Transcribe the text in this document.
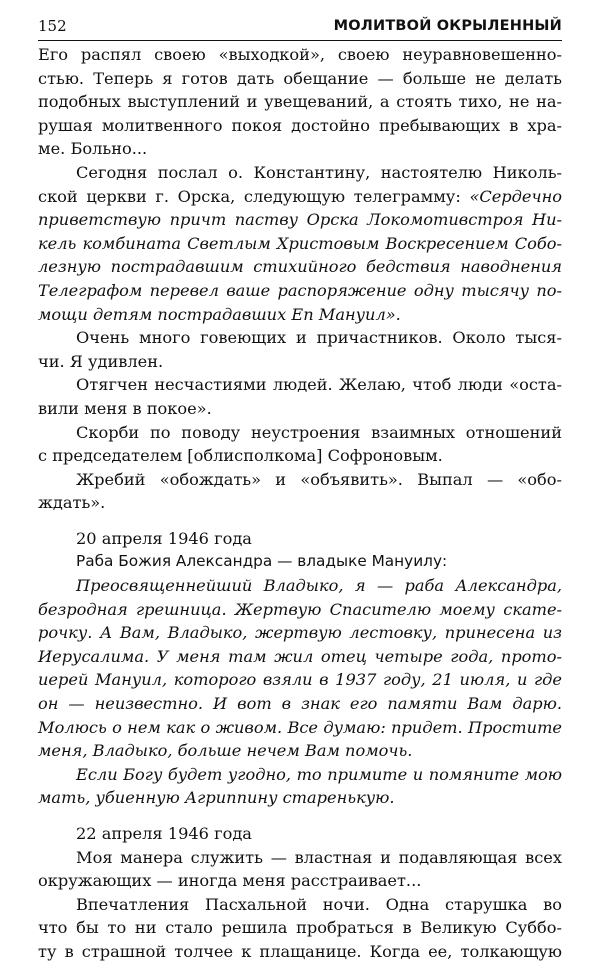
152	МОЛИТВОЙ ОКРЫЛЕННЫЙ

Его распял своею «выходкой», своею неуравновешенно-
стью. Теперь я готов дать обещание — больше не делать
подобных выступлений и увещеваний, а стоять тихо, не на-
рушая молитвенного покоя достойно пребывающих в хра-
ме. Больно...

Сегодня послал о. Константину, настоятелю Николь-
ской церкви г. Орска, следующую телеграмму: «Сердечно
приветствую причт паству Орска Локомотивстроя Ни-
кель комбината Светлым Христовым Воскресением Собо-
лезную пострадавшим стихийного бедствия наводнения
Телеграфом перевел ваше распоряжение одну тысячу по-
мощи детям пострадавших Еп Мануил».

Очень много говеющих и причастников. Около тыся-
чи. Я удивлен.

Отягчен несчастиями людей. Желаю, чтоб люди «оста-
вили меня в покое».

Скорби по поводу неустроения взаимных отношений
с председателем [облисполкома] Софроновым.

Жребий «обождать» и «объявить». Выпал — «обо-
ждать».

20 апреля 1946 года

Раба Божия Александра — владыке Мануилу:

Преосвященнейший Владыко, я — раба Александра,
безродная грешница. Жертвую Спасителю моему скате-
рочку. А Вам, Владыко, жертвую лестовку, принесена из
Иерусалима. У меня там жил отец четыре года, прото-
иерей Мануил, которого взяли в 1937 году, 21 июля, и где
он — неизвестно. И вот в знак его памяти Вам дарю.
Молюсь о нем как о живом. Все думаю: придет. Простите
меня, Владыко, больше нечем Вам помочь.

Если Богу будет угодно, то примите и помяните мою
мать, убиенную Агриппину старенькую.

22 апреля 1946 года

Моя манера служить — властная и подавляющая всех
окружающих — иногда меня расстраивает...

Впечатления Пасхальной ночи. Одна старушка во
что бы то ни стало решила пробраться в Великую Суббо-
ту в страшной толчее к плащанице. Когда ее, толкающую
